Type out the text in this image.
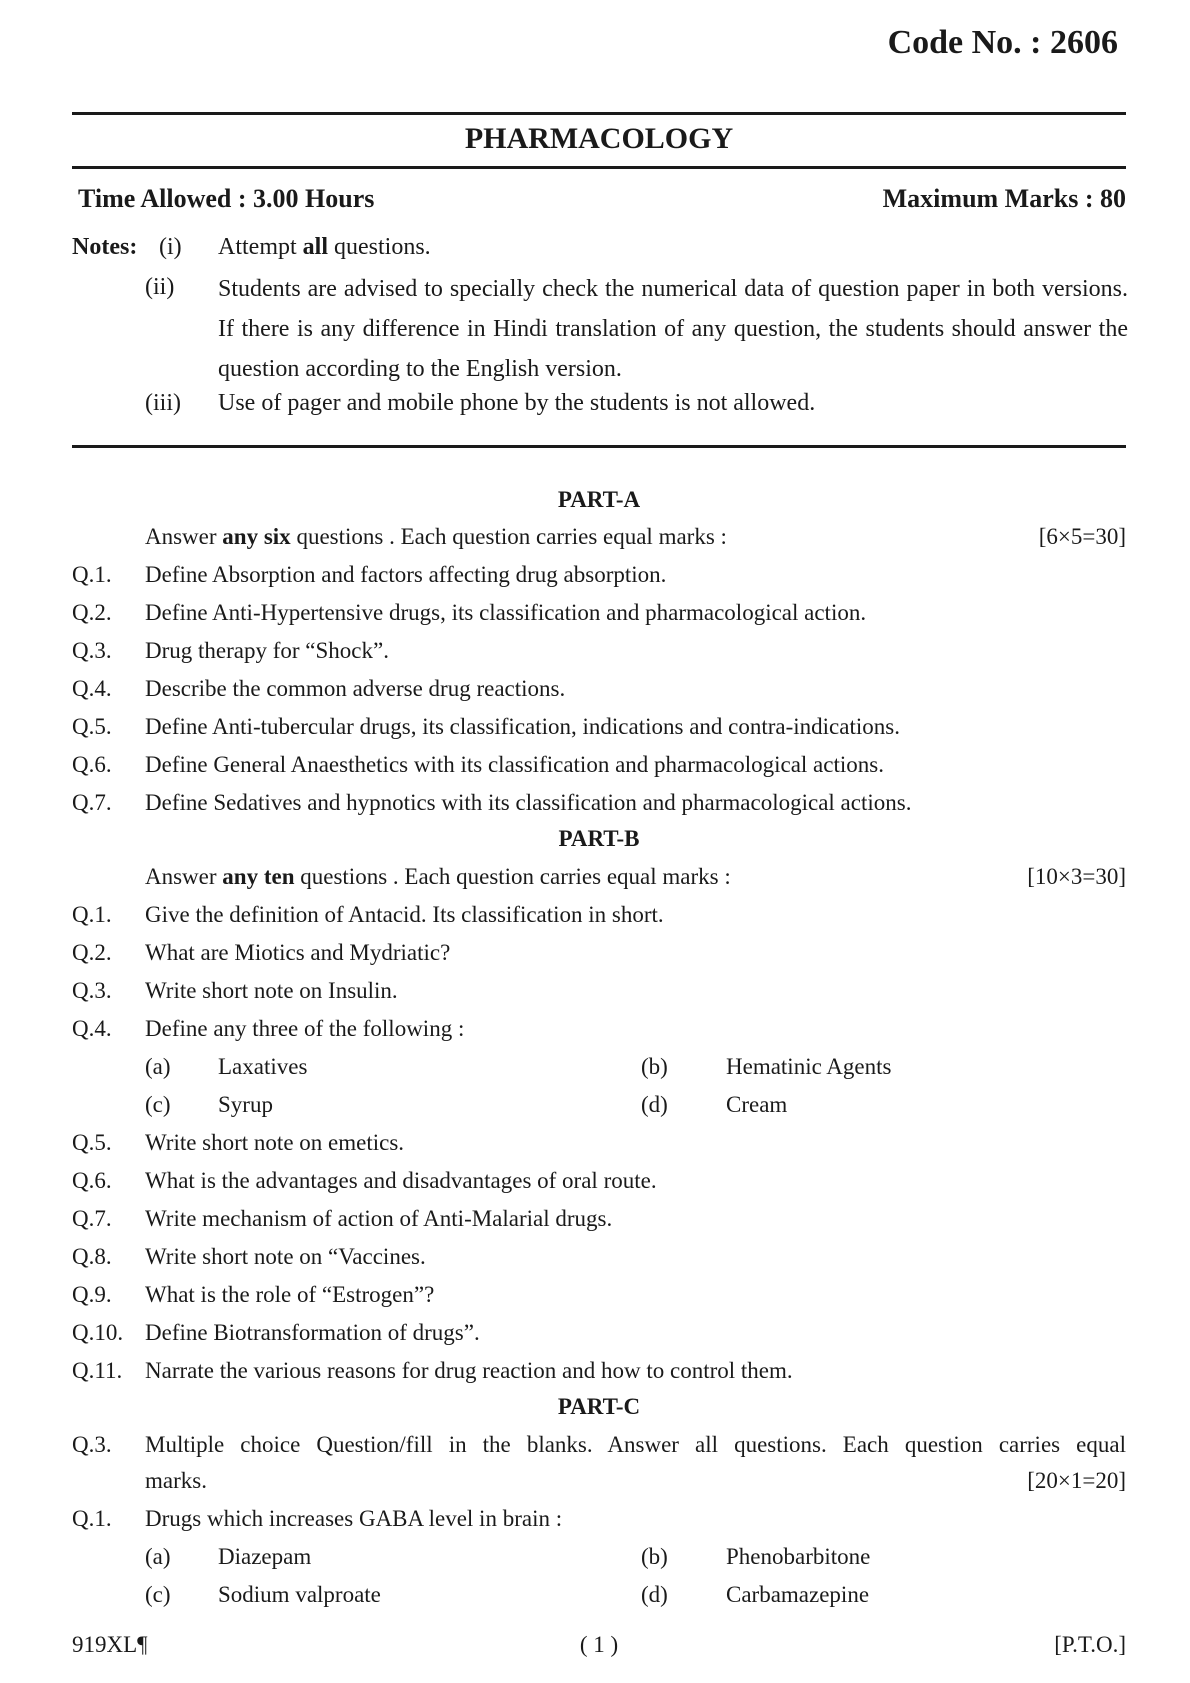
Code No. : 2606
PHARMACOLOGY
Time Allowed : 3.00 Hours	Maximum Marks : 80
Notes: (i) Attempt all questions.
(ii) Students are advised to specially check the numerical data of question paper in both versions. If there is any difference in Hindi translation of any question, the students should answer the question according to the English version.
(iii) Use of pager and mobile phone by the students is not allowed.
PART-A
Answer any six questions . Each question carries equal marks :	[6×5=30]
Q.1. Define Absorption and factors affecting drug absorption.
Q.2. Define Anti-Hypertensive drugs, its classification and pharmacological action.
Q.3. Drug therapy for “Shock”.
Q.4. Describe the common adverse drug reactions.
Q.5. Define Anti-tubercular drugs, its classification, indications and contra-indications.
Q.6. Define General Anaesthetics with its classification and pharmacological actions.
Q.7. Define Sedatives and hypnotics with its classification and pharmacological actions.
PART-B
Answer any ten questions . Each question carries equal marks :	[10×3=30]
Q.1. Give the definition of Antacid. Its classification in short.
Q.2. What are Miotics and Mydriatic?
Q.3. Write short note on Insulin.
Q.4. Define any three of the following :
(a) Laxatives	(b)	Hematinic Agents
(c) Syrup	(d)	Cream
Q.5. Write short note on emetics.
Q.6. What is the advantages and disadvantages of oral route.
Q.7. Write mechanism of action of Anti-Malarial drugs.
Q.8. Write short note on “Vaccines.
Q.9. What is the role of “Estrogen”?
Q.10. Define Biotransformation of drugs”.
Q.11. Narrate the various reasons for drug reaction and how to control them.
PART-C
Q.3. Multiple choice Question/fill in the blanks. Answer all questions. Each question carries equal
marks.	[20×1=20]
Q.1. Drugs which increases GABA level in brain :
(a) Diazepam	(b)	Phenobarbitone
(c) Sodium valproate	(d)	Carbamazepine
919XL¶	( 1 )	[P.T.O.]
